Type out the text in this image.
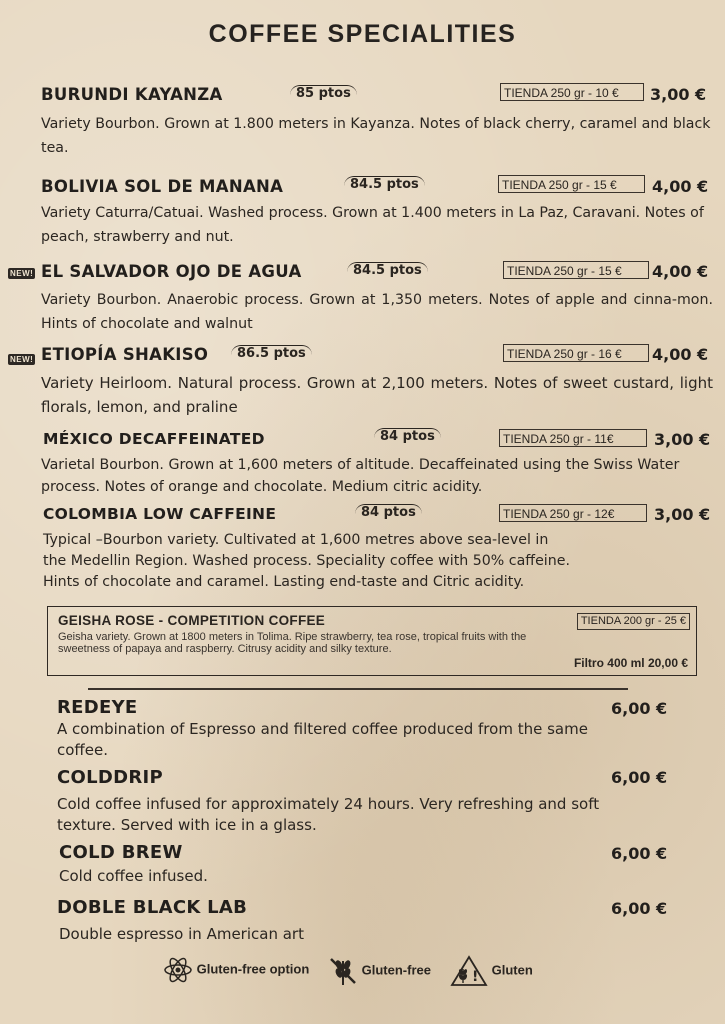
COFFEE SPECIALITIES
BURUNDI KAYANZA	85 ptos	TIENDA 250 gr - 10 €	3,00 €
Variety Bourbon. Grown at 1.800 meters in Kayanza. Notes of black cherry, caramel and black tea.
BOLIVIA SOL DE MANANA	84.5 ptos	TIENDA 250 gr - 15 €	4,00 €
Variety Caturra/Catuai. Washed process. Grown at 1.400 meters in La Paz, Caravani. Notes of peach, strawberry and nut.
NEW! EL SALVADOR OJO DE AGUA	84.5 ptos	TIENDA 250 gr - 15 €	4,00 €
Variety Bourbon. Anaerobic process. Grown at 1,350 meters. Notes of apple and cinna-mon. Hints of chocolate and walnut
NEW! ETIOPÍA SHAKISO	86.5 ptos	TIENDA 250 gr - 16 €	4,00 €
Variety Heirloom. Natural process. Grown at 2,100 meters. Notes of sweet custard, light florals, lemon, and praline
MÉXICO DECAFFEINATED	84 ptos	TIENDA 250 gr - 11€	3,00 €
Varietal Bourbon. Grown at 1,600 meters of altitude. Decaffeinated using the Swiss Water process. Notes of orange and chocolate. Medium citric acidity.
COLOMBIA LOW CAFFEINE	84 ptos	TIENDA 250 gr - 12€	3,00 €
Typical –Bourbon variety. Cultivated at 1,600 metres above sea-level in
the Medellin Region. Washed process. Speciality coffee with 50% caffeine.
Hints of chocolate and caramel. Lasting end-taste and Citric acidity.
GEISHA ROSE - COMPETITION COFFEE	TIENDA 200 gr - 25 €
Geisha variety. Grown at 1800 meters in Tolima. Ripe strawberry, tea rose, tropical fruits with the sweetness of papaya and raspberry. Citrusy acidity and silky texture.
Filtro 400 ml 20,00 €
REDEYE	6,00 €
A combination of Espresso and filtered coffee produced from the same coffee.
COLDDRIP	6,00 €
Cold coffee infused for approximately 24 hours. Very refreshing and soft texture. Served with ice in a glass.
COLD BREW	6,00 €
Cold coffee infused.
DOBLE BLACK LAB	6,00 €
Double espresso in American art
Gluten-free option	Gluten-free	! Gluten
